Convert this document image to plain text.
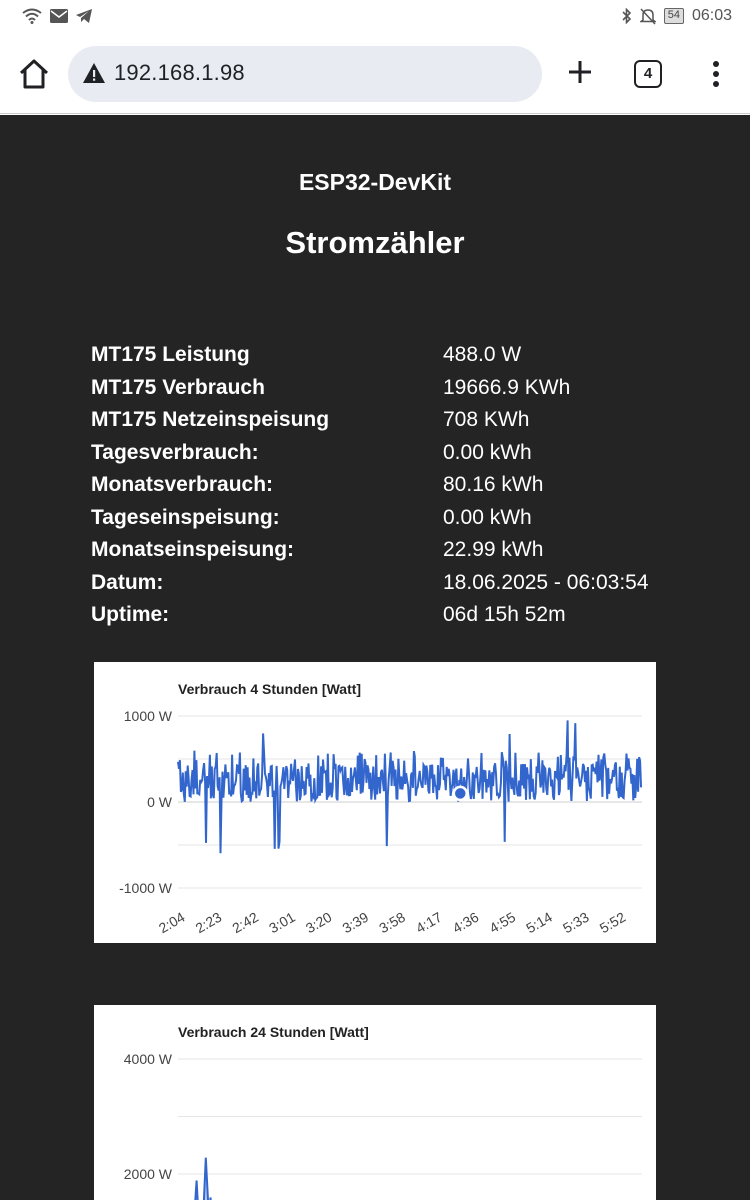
54 06:03
192.168.1.98	4
ESP32-DevKit
Stromzähler
MT175 Leistung	488.0 W
MT175 Verbrauch	19666.9 KWh
MT175 Netzeinspeisung	708 KWh
Tagesverbrauch:	0.00 kWh
Monatsverbrauch:	80.16 kWh
Tageseinspeisung:	0.00 kWh
Monatseinspeisung:	22.99 kWh
Datum:	18.06.2025 - 06:03:54
Uptime:	06d 15h 52m
Verbrauch 4 Stunden [Watt]
1000 W
0 W
-1000 W
2:04 2:23 2:42 3:01 3:20 3:39 3:58 4:17 4:36 4:55 5:14 5:33 5:52
Verbrauch 24 Stunden [Watt]
4000 W
2000 W
